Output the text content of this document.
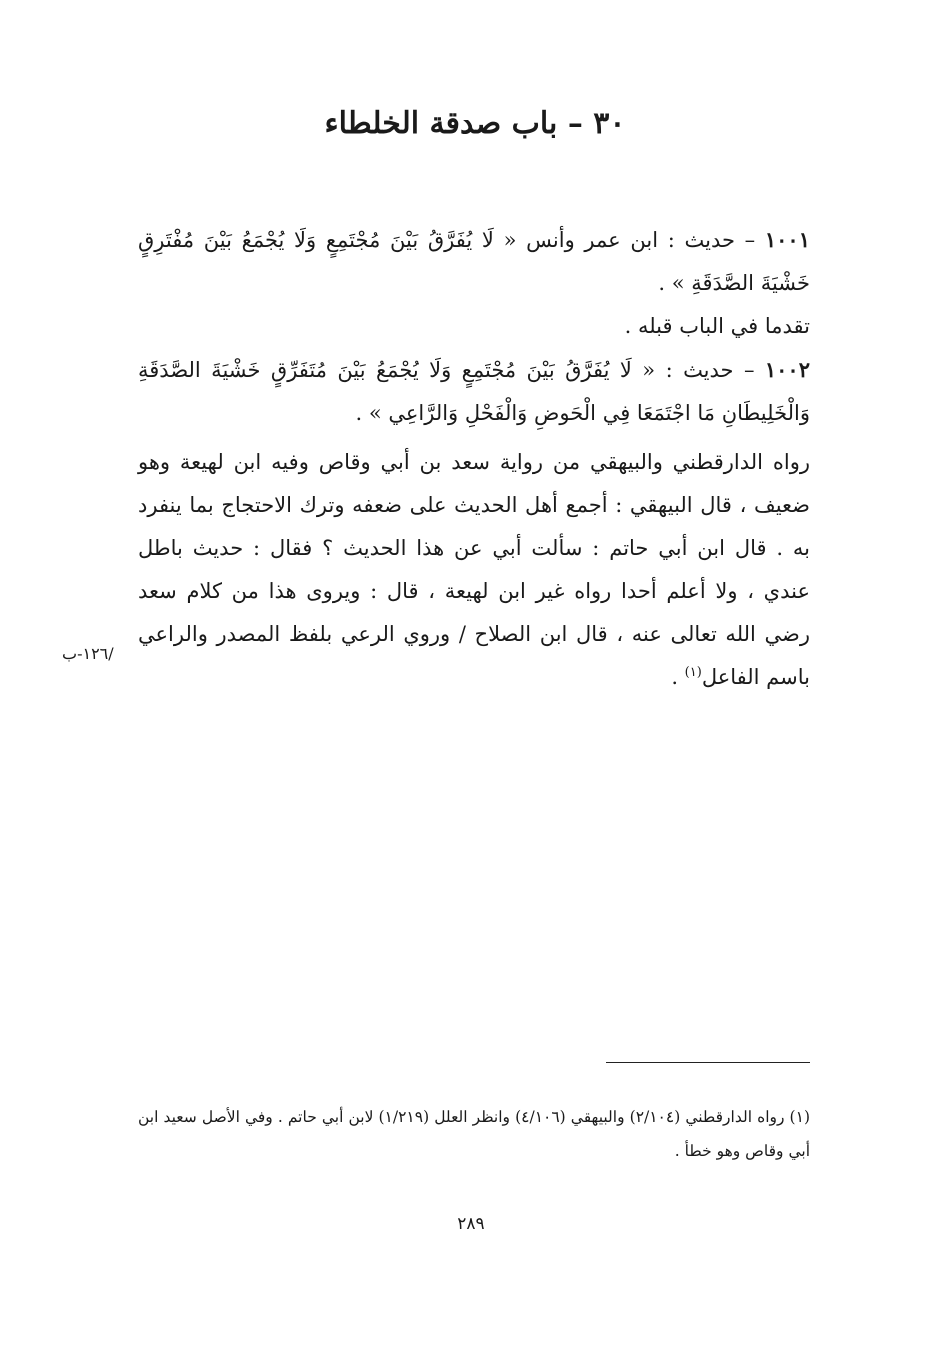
٣٠ – باب صدقة الخلطاء

١٠٠١ – حديث : ابن عمر وأنس « لَا يُفَرَّقُ بَيْنَ مُجْتَمِعٍ وَلَا يُجْمَعُ بَيْنَ مُفْتَرِقٍ خَشْيَةَ الصَّدَقَةِ » .

تقدما في الباب قبله .

١٠٠٢ – حديث : « لَا يُفَرَّقُ بَيْنَ مُجْتَمِعٍ وَلَا يُجْمَعُ بَيْنَ مُتَفَرِّقٍ خَشْيَةَ الصَّدَقَةِ وَالْخَلِيطَانِ مَا اجْتَمَعَا فِي الْحَوضِ وَالْفَحْلِ وَالرَّاعِي » .

رواه الدارقطني والبيهقي من رواية سعد بن أبي وقاص وفيه ابن لهيعة وهو ضعيف ، قال البيهقي : أجمع أهل الحديث على ضعفه وترك الاحتجاج بما ينفرد به . قال ابن أبي حاتم : سألت أبي عن هذا الحديث ؟ فقال : حديث باطل عندي ، ولا أعلم أحدا رواه غير ابن لهيعة ، قال : ويروى هذا من كلام سعد رضي الله تعالى عنه ، قال ابن الصلاح / وروي الرعي بلفظ المصدر والراعي باسم الفاعل$^{(١)}$ .

/١٢٦-ب

(١) رواه الدارقطني (٢/١٠٤) والبيهقي (٤/١٠٦) وانظر العلل (١/٢١٩) لابن أبي حاتم . وفي الأصل سعيد ابن أبي وقاص وهو خطأ .

٢٨٩
